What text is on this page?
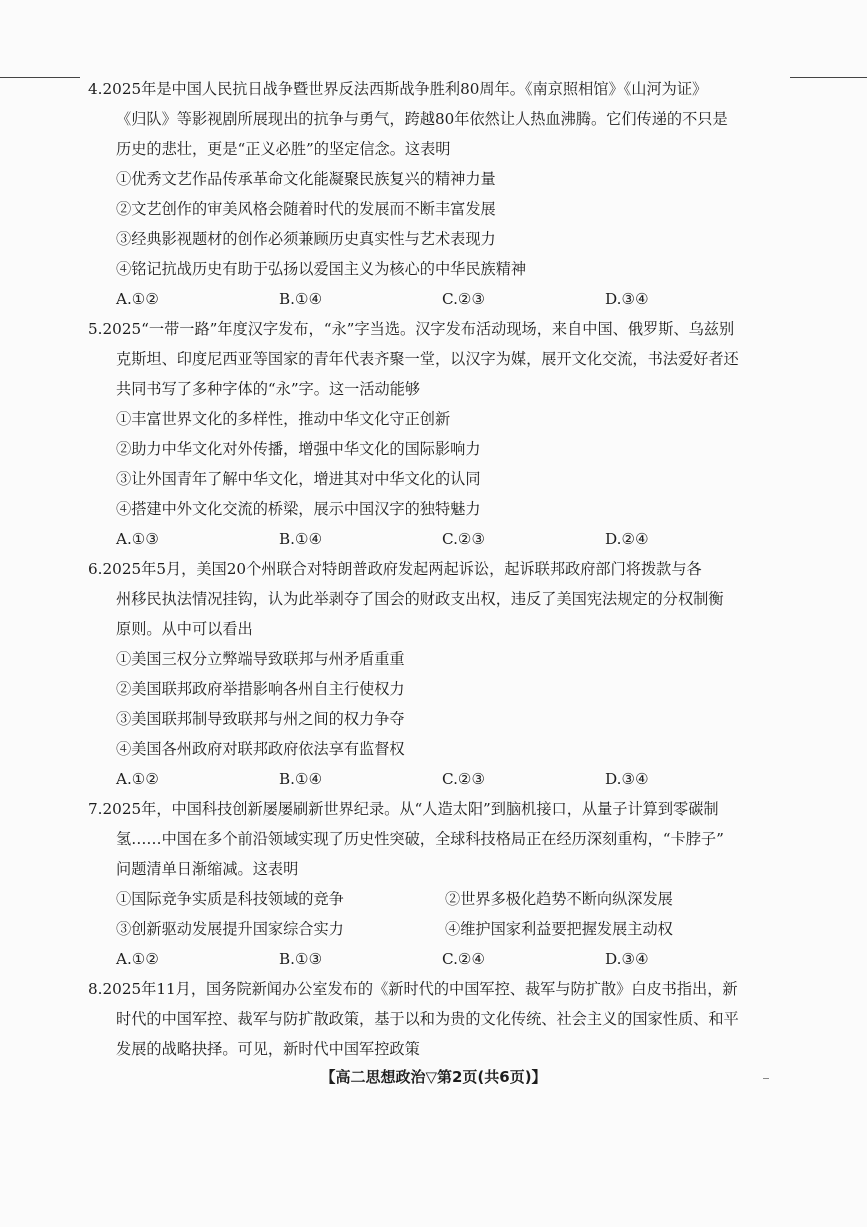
4.2025年是中国人民抗日战争暨世界反法西斯战争胜利80周年。《南京照相馆》《山河为证》
《归队》等影视剧所展现出的抗争与勇气，跨越80年依然让人热血沸腾。它们传递的不只是
历史的悲壮，更是“正义必胜”的坚定信念。这表明
①优秀文艺作品传承革命文化能凝聚民族复兴的精神力量
②文艺创作的审美风格会随着时代的发展而不断丰富发展
③经典影视题材的创作必须兼顾历史真实性与艺术表现力
④铭记抗战历史有助于弘扬以爱国主义为核心的中华民族精神
A.①②	B.①④	C.②③	D.③④
5.2025“一带一路”年度汉字发布，“永”字当选。汉字发布活动现场，来自中国、俄罗斯、乌兹别
克斯坦、印度尼西亚等国家的青年代表齐聚一堂，以汉字为媒，展开文化交流，书法爱好者还
共同书写了多种字体的“永”字。这一活动能够
①丰富世界文化的多样性，推动中华文化守正创新
②助力中华文化对外传播，增强中华文化的国际影响力
③让外国青年了解中华文化，增进其对中华文化的认同
④搭建中外文化交流的桥梁，展示中国汉字的独特魅力
A.①③	B.①④	C.②③	D.②④
6.2025年5月，美国20个州联合对特朗普政府发起两起诉讼，起诉联邦政府部门将拨款与各
州移民执法情况挂钩，认为此举剥夺了国会的财政支出权，违反了美国宪法规定的分权制衡
原则。从中可以看出
①美国三权分立弊端导致联邦与州矛盾重重
②美国联邦政府举措影响各州自主行使权力
③美国联邦制导致联邦与州之间的权力争夺
④美国各州政府对联邦政府依法享有监督权
A.①②	B.①④	C.②③	D.③④
7.2025年，中国科技创新屡屡刷新世界纪录。从“人造太阳”到脑机接口，从量子计算到零碳制
氢……中国在多个前沿领域实现了历史性突破，全球科技格局正在经历深刻重构，“卡脖子”
问题清单日渐缩减。这表明
①国际竞争实质是科技领域的竞争	②世界多极化趋势不断向纵深发展
③创新驱动发展提升国家综合实力	④维护国家利益要把握发展主动权
A.①②	B.①③	C.②④	D.③④
8.2025年11月，国务院新闻办公室发布的《新时代的中国军控、裁军与防扩散》白皮书指出，新
时代的中国军控、裁军与防扩散政策，基于以和为贵的文化传统、社会主义的国家性质、和平
发展的战略抉择。可见，新时代中国军控政策
【高二思想政治▽第2页(共6页)】
